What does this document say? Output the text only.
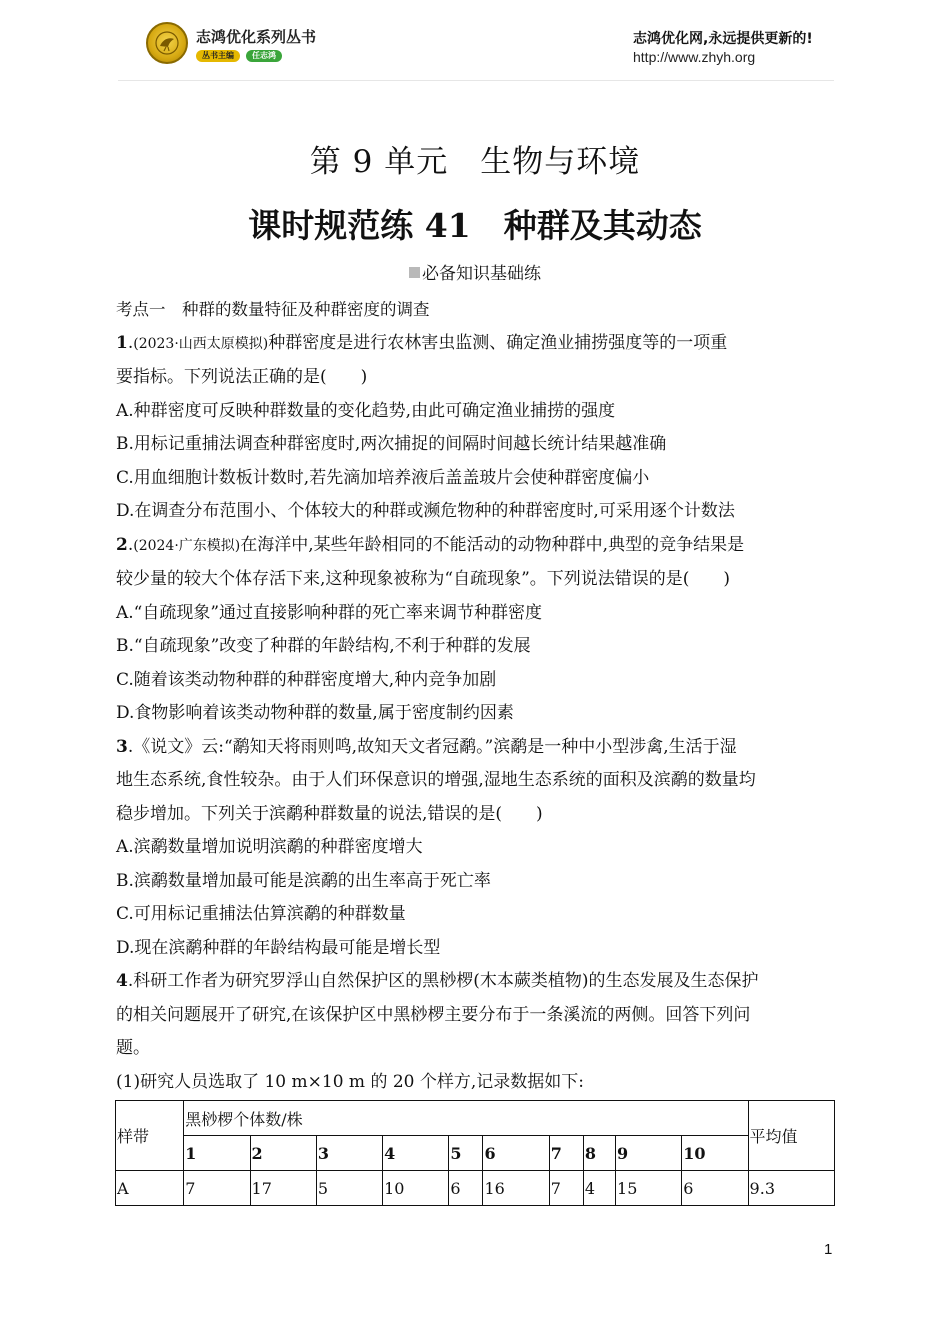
志鸿优化系列丛书
丛书主编	任志鸿
志鸿优化网,永远提供更新的!
http://www.zhyh.org
第 9 单元　生物与环境
课时规范练 41　种群及其动态
必备知识基础练

考点一　种群的数量特征及种群密度的调查

1.(2023·山西太原模拟)种群密度是进行农林害虫监测、确定渔业捕捞强度等的一项重

要指标。下列说法正确的是(　　)

A.种群密度可反映种群数量的变化趋势,由此可确定渔业捕捞的强度

B.用标记重捕法调查种群密度时,两次捕捉的间隔时间越长统计结果越准确

C.用血细胞计数板计数时,若先滴加培养液后盖盖玻片会使种群密度偏小

D.在调查分布范围小、个体较大的种群或濒危物种的种群密度时,可采用逐个计数法

2.(2024·广东模拟)在海洋中,某些年龄相同的不能活动的动物种群中,典型的竞争结果是

较少量的较大个体存活下来,这种现象被称为“自疏现象”。下列说法错误的是(　　)

A.“自疏现象”通过直接影响种群的死亡率来调节种群密度

B.“自疏现象”改变了种群的年龄结构,不利于种群的发展

C.随着该类动物种群的种群密度增大,种内竞争加剧

D.食物影响着该类动物种群的数量,属于密度制约因素

3.《说文》云:“鹬知天将雨则鸣,故知天文者冠鹬。”滨鹬是一种中小型涉禽,生活于湿

地生态系统,食性较杂。由于人们环保意识的增强,湿地生态系统的面积及滨鹬的数量均

稳步增加。下列关于滨鹬种群数量的说法,错误的是(　　)

A.滨鹬数量增加说明滨鹬的种群密度增大

B.滨鹬数量增加最可能是滨鹬的出生率高于死亡率

C.可用标记重捕法估算滨鹬的种群数量

D.现在滨鹬种群的年龄结构最可能是增长型

4.科研工作者为研究罗浮山自然保护区的黑桫椤(木本蕨类植物)的生态发展及生态保护

的相关问题展开了研究,在该保护区中黑桫椤主要分布于一条溪流的两侧。回答下列问

题。

(1)研究人员选取了 10 m×10 m 的 20 个样方,记录数据如下:

样带	黑桫椤个体数/株										平均值
	1	2	3	4	5	6	7	8	9	10	
A	7	17	5	10	6	16	7	4	15	6	9.3
1
